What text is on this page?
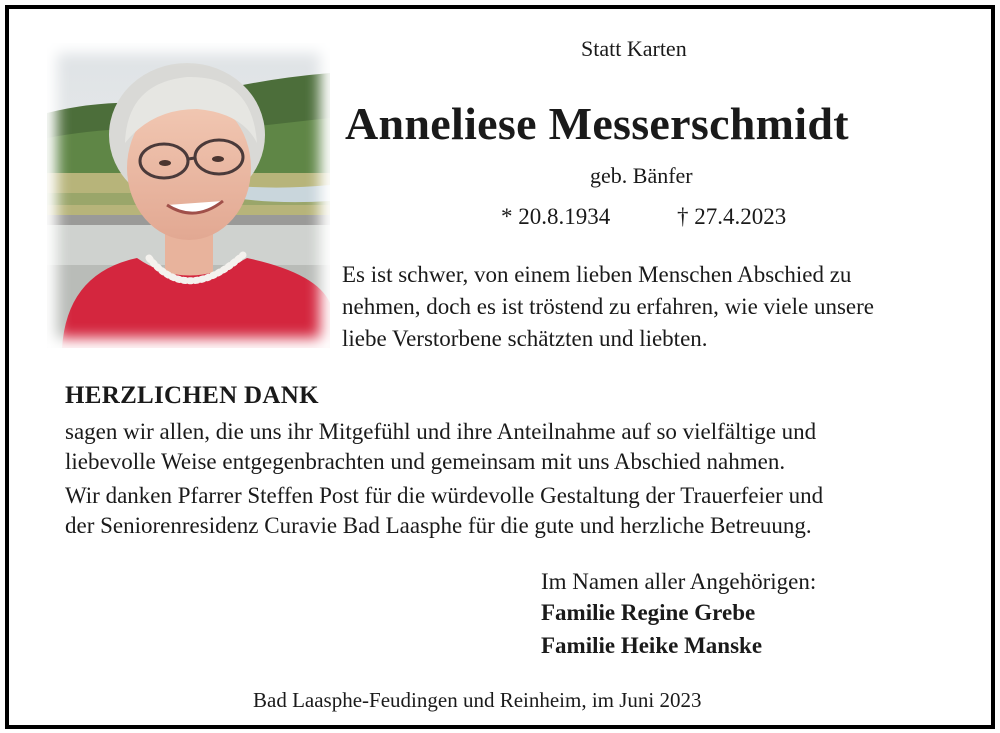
Statt Karten

Anneliese Messerschmidt

geb. Bänfer

* 20.8.1934	† 27.4.2023

Es ist schwer, von einem lieben Menschen Abschied zu
nehmen, doch es ist tröstend zu erfahren, wie viele unsere
liebe Verstorbene schätzten und liebten.
HERZLICHEN DANK
sagen wir allen, die uns ihr Mitgefühl und ihre Anteilnahme auf so vielfältige und
liebevolle Weise entgegenbrachten und gemeinsam mit uns Abschied nahmen.
Wir danken Pfarrer Steffen Post für die würdevolle Gestaltung der Trauerfeier und
der Seniorenresidenz Curavie Bad Laasphe für die gute und herzliche Betreuung.

Im Namen aller Angehörigen:

Familie Regine Grebe

Familie Heike Manske

Bad Laasphe-Feudingen und Reinheim, im Juni 2023
